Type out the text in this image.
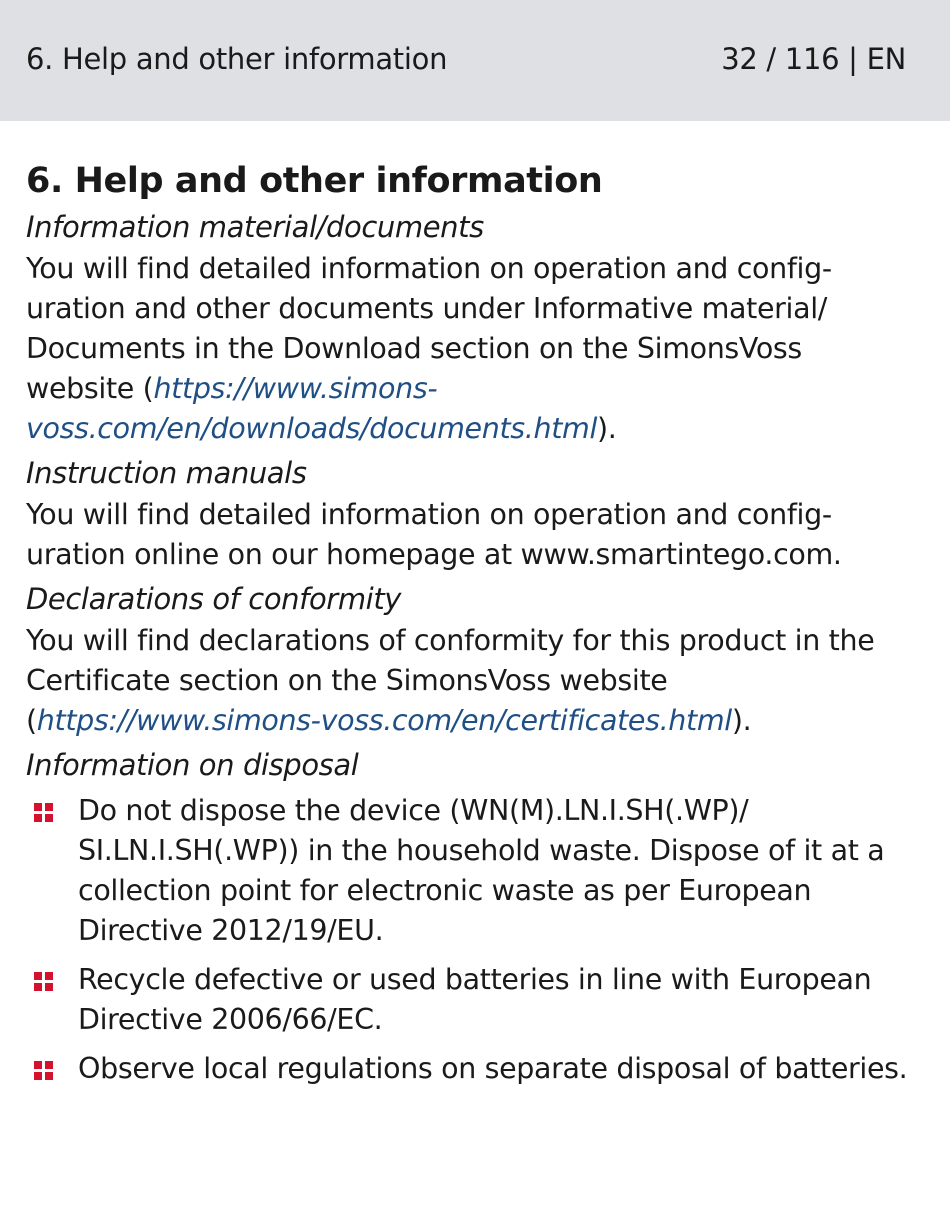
6. Help and other information	32 / 116 | EN
6. Help and other information
Information material/documents

You will find detailed information on operation and config-uration and other documents under Informative material/ Documents in the Download section on the SimonsVoss website (https://www.simons-voss.com/en/downloads/documents.html).

Instruction manuals

You will find detailed information on operation and config-uration online on our homepage at www.smartintego.com.

Declarations of conformity

You will find declarations of conformity for this product in the Certificate section on the SimonsVoss website (https://www.simons-voss.com/en/certificates.html).

Information on disposal
Do not dispose the device (WN(M).LN.I.SH(.WP)/ SI.LN.I.SH(.WP)) in the household waste. Dispose of it at a collection point for electronic waste as per European Directive 2012/19/EU.
Recycle defective or used batteries in line with European Directive 2006/66/EC.
Observe local regulations on separate disposal of batteries.
